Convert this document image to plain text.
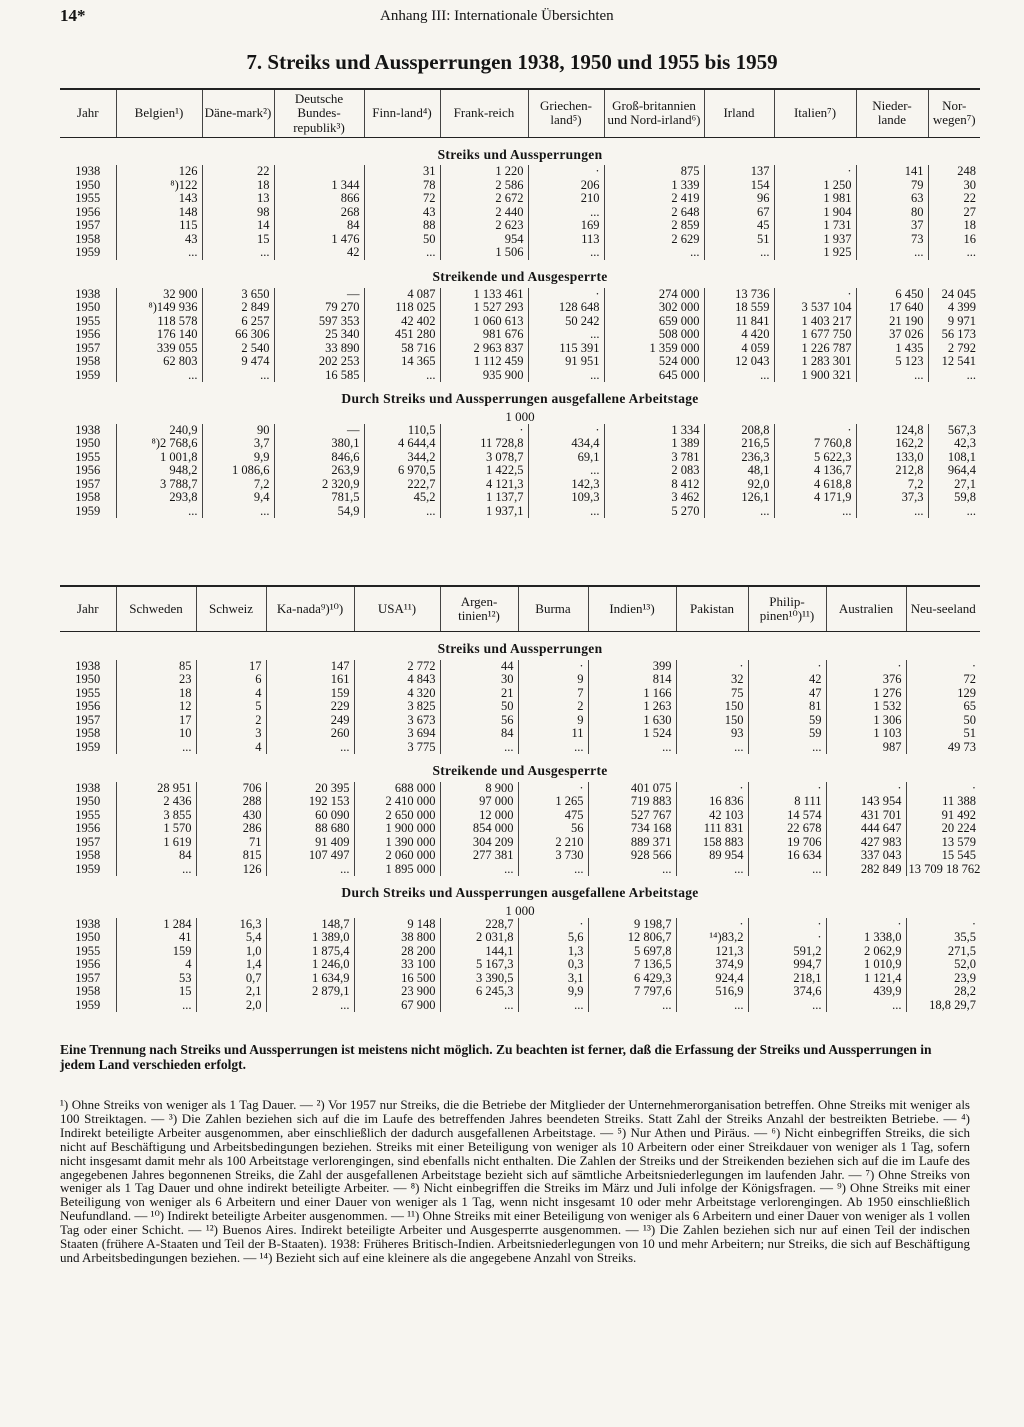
14*	Anhang III: Internationale Übersichten
7. Streiks und Aussperrungen 1938, 1950 und 1955 bis 1959
Jahr	Belgien¹)	Däne-mark²)	Deutsche Bundes-republik³)	Finn-land⁴)	Frank-reich	Griechen-land⁵)	Groß-britannien und Nord-irland⁶)	Irland	Italien⁷)	Nieder-lande	Nor-wegen⁷)
Streiks und Aussperrungen											
1938	126	22		31	1 220	·	875	137	·	141	248
1950	⁸)122	18	1 344	78	2 586	206	1 339	154	1 250	79	30
1955	143	13	866	72	2 672	210	2 419	96	1 981	63	22
1956	148	98	268	43	2 440	...	2 648	67	1 904	80	27
1957	115	14	84	88	2 623	169	2 859	45	1 731	37	18
1958	43	15	1 476	50	954	113	2 629	51	1 937	73	16
1959	...	...	42	...	1 506	...	...	...	1 925	...	...
Streikende und Ausgesperrte											
1938	32 900	3 650	—	4 087	1 133 461	·	274 000	13 736	·	6 450	24 045
1950	⁸)149 936	2 849	79 270	118 025	1 527 293	128 648	302 000	18 559	3 537 104	17 640	4 399
1955	118 578	6 257	597 353	42 402	1 060 613	50 242	659 000	11 841	1 403 217	21 190	9 971
1956	176 140	66 306	25 340	451 280	981 676	...	508 000	4 420	1 677 750	37 026	56 173
1957	339 055	2 540	33 890	58 716	2 963 837	115 391	1 359 000	4 059	1 226 787	1 435	2 792
1958	62 803	9 474	202 253	14 365	1 112 459	91 951	524 000	12 043	1 283 301	5 123	12 541
1959	...	...	16 585	...	935 900	...	645 000	...	1 900 321	...	...
Durch Streiks und Aussperrungen ausgefallene Arbeitstage											
1 000											
1938	240,9	90	—	110,5	·	·	1 334	208,8	·	124,8	567,3
1950	⁸)2 768,6	3,7	380,1	4 644,4	11 728,8	434,4	1 389	216,5	7 760,8	162,2	42,3
1955	1 001,8	9,9	846,6	344,2	3 078,7	69,1	3 781	236,3	5 622,3	133,0	108,1
1956	948,2	1 086,6	263,9	6 970,5	1 422,5	...	2 083	48,1	4 136,7	212,8	964,4
1957	3 788,7	7,2	2 320,9	222,7	4 121,3	142,3	8 412	92,0	4 618,8	7,2	27,1
1958	293,8	9,4	781,5	45,2	1 137,7	109,3	3 462	126,1	4 171,9	37,3	59,8
1959	...	...	54,9	...	1 937,1	...	5 270	...	...	...	...
Jahr	Schweden	Schweiz	Ka-nada⁹)¹⁰)	USA¹¹)	Argen-tinien¹²)	Burma	Indien¹³)	Pakistan	Philip-pinen¹⁰)¹¹)	Australien	Neu-seeland
Streiks und Aussperrungen											
1938	85	17	147	2 772	44	·	399	·	·	·	·
1950	23	6	161	4 843	30	9	814	32	42	376	72
1955	18	4	159	4 320	21	7	1 166	75	47	1 276	129
1956	12	5	229	3 825	50	2	1 263	150	81	1 532	65
1957	17	2	249	3 673	56	9	1 630	150	59	1 306	50
1958	10	3	260	3 694	84	11	1 524	93	59	1 103	51
1959	...	4	...	3 775	...	...	...	...	...	987	49 73
Streikende und Ausgesperrte											
1938	28 951	706	20 395	688 000	8 900	·	401 075	·	·	·	·
1950	2 436	288	192 153	2 410 000	97 000	1 265	719 883	16 836	8 111	143 954	11 388
1955	3 855	430	60 090	2 650 000	12 000	475	527 767	42 103	14 574	431 701	91 492
1956	1 570	286	88 680	1 900 000	854 000	56	734 168	111 831	22 678	444 647	20 224
1957	1 619	71	91 409	1 390 000	304 209	2 210	889 371	158 883	19 706	427 983	13 579
1958	84	815	107 497	2 060 000	277 381	3 730	928 566	89 954	16 634	337 043	15 545
1959	...	126	...	1 895 000	...	...	...	...	...	282 849	13 709 18 762
Durch Streiks und Aussperrungen ausgefallene Arbeitstage											
1 000											
1938	1 284	16,3	148,7	9 148	228,7	·	9 198,7	·	·	·	·
1950	41	5,4	1 389,0	38 800	2 031,8	5,6	12 806,7	¹⁴)83,2	·	1 338,0	35,5
1955	159	1,0	1 875,4	28 200	144,1	1,3	5 697,8	121,3	591,2	2 062,9	271,5
1956	4	1,4	1 246,0	33 100	5 167,3	0,3	7 136,5	374,9	994,7	1 010,9	52,0
1957	53	0,7	1 634,9	16 500	3 390,5	3,1	6 429,3	924,4	218,1	1 121,4	23,9
1958	15	2,1	2 879,1	23 900	6 245,3	9,9	7 797,6	516,9	374,6	439,9	28,2
1959	...	2,0	...	67 900	...	...	...	...	...	...	18,8 29,7
Eine Trennung nach Streiks und Aussperrungen ist meistens nicht möglich. Zu beachten ist ferner, daß die Erfassung der Streiks und Aussperrungen in jedem Land verschieden erfolgt.
¹) Ohne Streiks von weniger als 1 Tag Dauer. — ²) Vor 1957 nur Streiks, die die Betriebe der Mitglieder der Unternehmerorganisation betreffen. Ohne Streiks mit weniger als 100 Streiktagen. — ³) Die Zahlen beziehen sich auf die im Laufe des betreffenden Jahres beendeten Streiks. Statt Zahl der Streiks Anzahl der bestreikten Betriebe. — ⁴) Indirekt beteiligte Arbeiter ausgenommen, aber einschließlich der dadurch ausgefallenen Arbeitstage. — ⁵) Nur Athen und Piräus. — ⁶) Nicht einbegriffen Streiks, die sich nicht auf Beschäftigung und Arbeitsbedingungen beziehen. Streiks mit einer Beteiligung von weniger als 10 Arbeitern oder einer Streikdauer von weniger als 1 Tag, sofern nicht insgesamt damit mehr als 100 Arbeitstage verlorengingen, sind ebenfalls nicht enthalten. Die Zahlen der Streiks und der Streikenden beziehen sich auf die im Laufe des angegebenen Jahres begonnenen Streiks, die Zahl der ausgefallenen Arbeitstage bezieht sich auf sämtliche Arbeitsniederlegungen im laufenden Jahr. — ⁷) Ohne Streiks von weniger als 1 Tag Dauer und ohne indirekt beteiligte Arbeiter. — ⁸) Nicht einbegriffen die Streiks im März und Juli infolge der Königsfragen. — ⁹) Ohne Streiks mit einer Beteiligung von weniger als 6 Arbeitern und einer Dauer von weniger als 1 Tag, wenn nicht insgesamt 10 oder mehr Arbeitstage verlorengingen. Ab 1950 einschließlich Neufundland. — ¹⁰) Indirekt beteiligte Arbeiter ausgenommen. — ¹¹) Ohne Streiks mit einer Beteiligung von weniger als 6 Arbeitern und einer Dauer von weniger als 1 vollen Tag oder einer Schicht. — ¹²) Buenos Aires. Indirekt beteiligte Arbeiter und Ausgesperrte ausgenommen. — ¹³) Die Zahlen beziehen sich nur auf einen Teil der indischen Staaten (frühere A-Staaten und Teil der B-Staaten). 1938: Früheres Britisch-Indien. Arbeitsniederlegungen von 10 und mehr Arbeitern; nur Streiks, die sich auf Beschäftigung und Arbeitsbedingungen beziehen. — ¹⁴) Bezieht sich auf eine kleinere als die angegebene Anzahl von Streiks.
